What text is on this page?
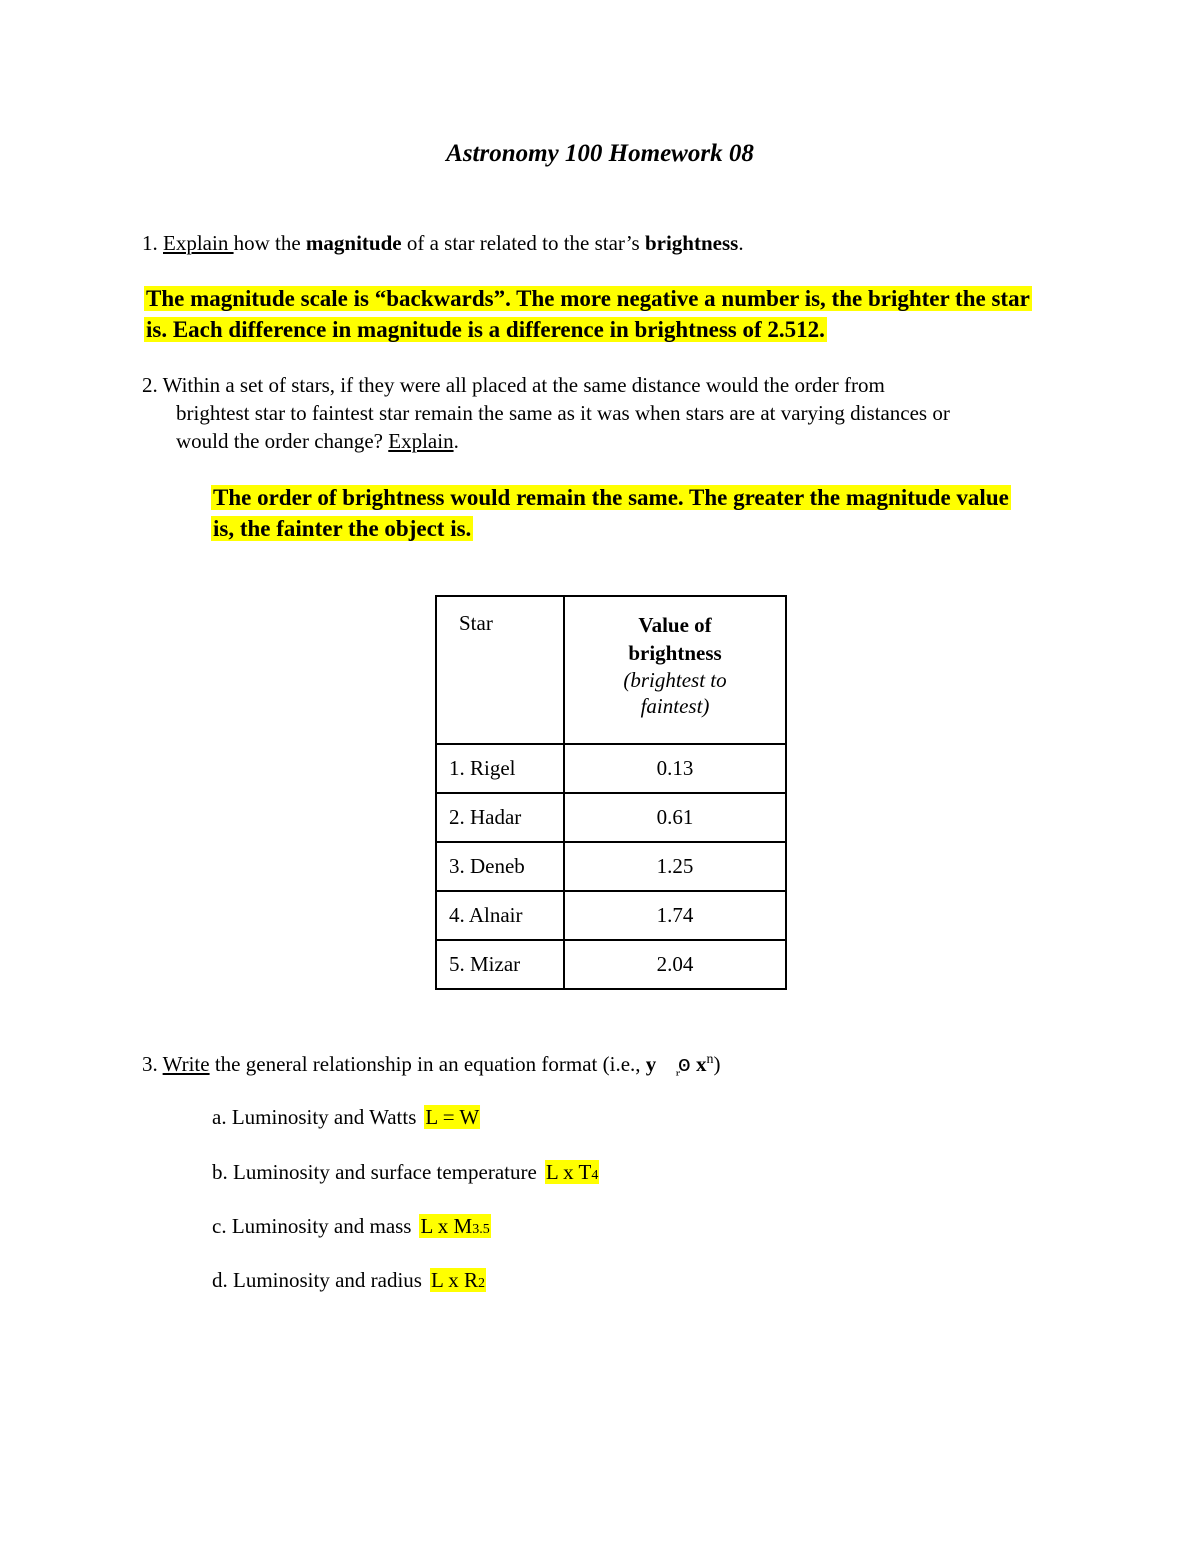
Astronomy 100 Homework 08
1. Explain how the magnitude of a star related to the star’s brightness.
The magnitude scale is “backwards”. The more negative a number is, the brighter the star
is. Each difference in magnitude is a difference in brightness of 2.512.
2. Within a set of stars, if they were all placed at the same distance would the order from
brightest star to faintest star remain the same as it was when stars are at varying distances or
would the order change? Explain.
The order of brightness would remain the same. The greater the magnitude value
is, the fainter the object is.
Star	Value of
brightness
(brightest to
faintest)

1. Rigel	0.13
2. Hadar	0.61
3. Deneb	1.25
4. Alnair	1.74
5. Mizar	2.04
3. Write the general relationship in an equation format (i.e., y ꙩ᷊ꙩ $x^n$)
a. Luminosity and Watts L = W
b. Luminosity and surface temperature L x T4
c. Luminosity and mass L x M3.5
d. Luminosity and radius L x R2
